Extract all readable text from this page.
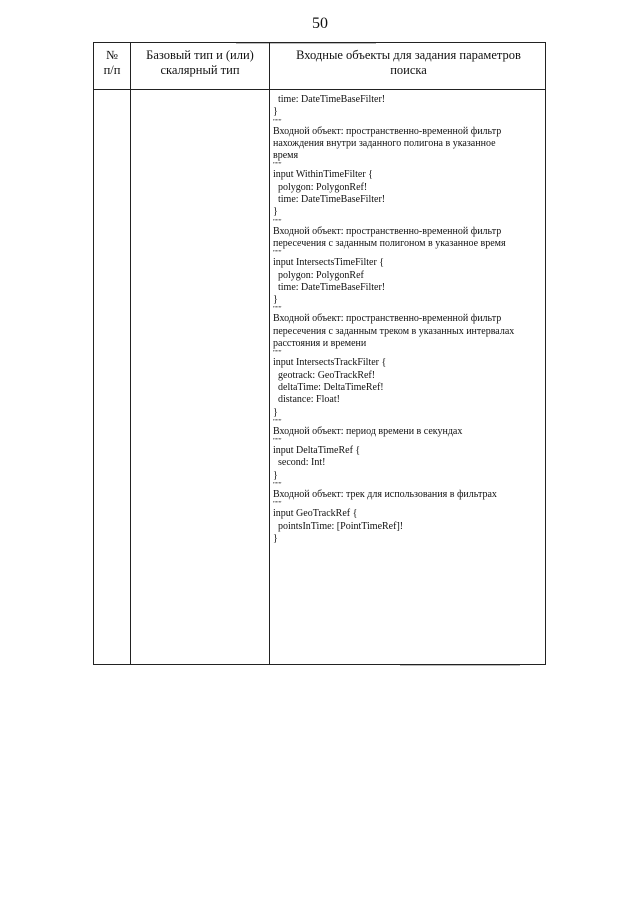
50
№
п/п
Базовый тип и (или)
скалярный тип
Входные объекты для задания параметров
поиска
time: DateTimeBaseFilter!
}
"""
Входной объект: пространственно-временной фильтр
нахождения внутри заданного полигона в указанное
время
"""
input WithinTimeFilter {
polygon: PolygonRef!
time: DateTimeBaseFilter!
}
"""
Входной объект: пространственно-временной фильтр
пересечения с заданным полигоном в указанное время
"""
input IntersectsTimeFilter {
polygon: PolygonRef
time: DateTimeBaseFilter!
}
"""
Входной объект: пространственно-временной фильтр
пересечения с заданным треком в указанных интервалах
расстояния и времени
"""
input IntersectsTrackFilter {
geotrack: GeoTrackRef!
deltaTime: DeltaTimeRef!
distance: Float!
}
"""
Входной объект: период времени в секундах
"""
input DeltaTimeRef {
second: Int!
}
"""
Входной объект: трек для использования в фильтрах
"""
input GeoTrackRef {
pointsInTime: [PointTimeRef]!
}
